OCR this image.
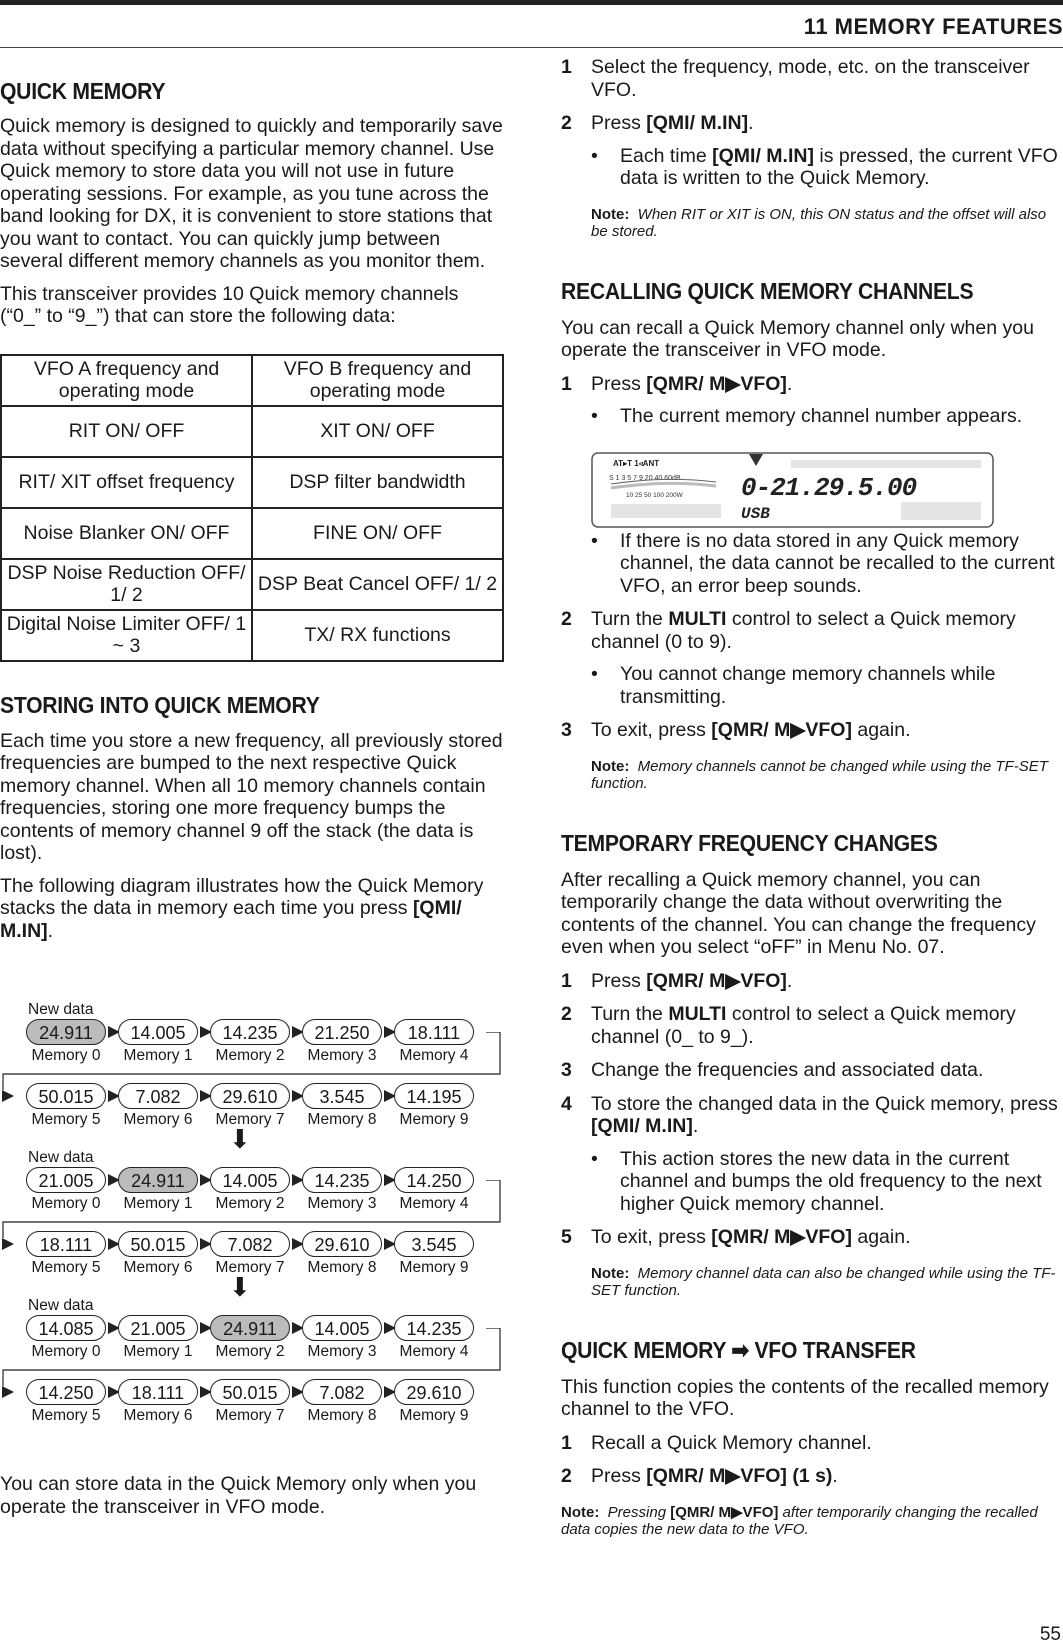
11 MEMORY FEATURES
QUICK MEMORY

Quick memory is designed to quickly and temporarily save data without specifying a particular memory channel. Use Quick memory to store data you will not use in future operating sessions. For example, as you tune across the band looking for DX, it is convenient to store stations that you want to contact. You can quickly jump between several different memory channels as you monitor them.

This transceiver provides 10 Quick memory channels (“0_” to “9_”) that can store the following data:

VFO A frequency and operating mode	VFO B frequency and operating mode
RIT ON/ OFF	XIT ON/ OFF
RIT/ XIT offset frequency	DSP filter bandwidth
Noise Blanker ON/ OFF	FINE ON/ OFF
DSP Noise Reduction OFF/ 1/ 2	DSP Beat Cancel OFF/ 1/ 2
Digital Noise Limiter OFF/ 1 ~ 3	TX/ RX functions
STORING INTO QUICK MEMORY

Each time you store a new frequency, all previously stored frequencies are bumped to the next respective Quick memory channel. When all 10 memory channels contain frequencies, storing one more frequency bumps the contents of memory channel 9 off the stack (the data is lost).

The following diagram illustrates how the Quick Memory stacks the data in memory each time you press [QMI/ M.IN].

New data
24.911
Memory 0
14.005
Memory 1
14.235
Memory 2
21.250
Memory 3
18.111
Memory 4
50.015
Memory 5
7.082
Memory 6
29.610
Memory 7
3.545
Memory 8
14.195
Memory 9
⬇
New data
21.005
Memory 0
24.911
Memory 1
14.005
Memory 2
14.235
Memory 3
14.250
Memory 4
18.111
Memory 5
50.015
Memory 6
7.082
Memory 7
29.610
Memory 8
3.545
Memory 9
⬇
New data
14.085
Memory 0
21.005
Memory 1
24.911
Memory 2
14.005
Memory 3
14.235
Memory 4
14.250
Memory 5
18.111
Memory 6
50.015
Memory 7
7.082
Memory 8
29.610
Memory 9

You can store data in the Quick Memory only when you operate the transceiver in VFO mode.

1 Select the frequency, mode, etc. on the transceiver VFO.
2 Press [QMI/ M.IN].
• Each time [QMI/ M.IN] is pressed, the current VFO data is written to the Quick Memory.

Note: When RIT or XIT is ON, this ON status and the offset will also be stored.

RECALLING QUICK MEMORY CHANNELS

You can recall a Quick Memory channel only when you operate the transceiver in VFO mode.

1 Press [QMR/ M▶VFO].
• The current memory channel number appears.
• If there is no data stored in any Quick memory channel, the data cannot be recalled to the current VFO, an error beep sounds.
2 Turn the MULTI control to select a Quick memory channel (0 to 9).
• You cannot change memory channels while transmitting.
3 To exit, press [QMR/ M▶VFO] again.

Note: Memory channels cannot be changed while using the TF-SET function.

TEMPORARY FREQUENCY CHANGES

After recalling a Quick memory channel, you can temporarily change the data without overwriting the contents of the channel. You can change the frequency even when you select “oFF” in Menu No. 07.

1 Press [QMR/ M▶VFO].
2 Turn the MULTI control to select a Quick memory channel (0_ to 9_).
3 Change the frequencies and associated data.
4 To store the changed data in the Quick memory, press [QMI/ M.IN].
• This action stores the new data in the current channel and bumps the old frequency to the next higher Quick memory channel.
5 To exit, press [QMR/ M▶VFO] again.

Note: Memory channel data can also be changed while using the TF-SET function.

QUICK MEMORY ➡ VFO TRANSFER

This function copies the contents of the recalled memory channel to the VFO.

1 Recall a Quick Memory channel.
2 Press [QMR/ M▶VFO] (1 s).

Note: Pressing [QMR/ M▶VFO] after temporarily changing the recalled data copies the new data to the VFO.

AT▸T 1◃ANT
S 1 3 5 7 9 20 40 60dB
10 25 50 100 200W 0-21.29.5.00
USB
55
